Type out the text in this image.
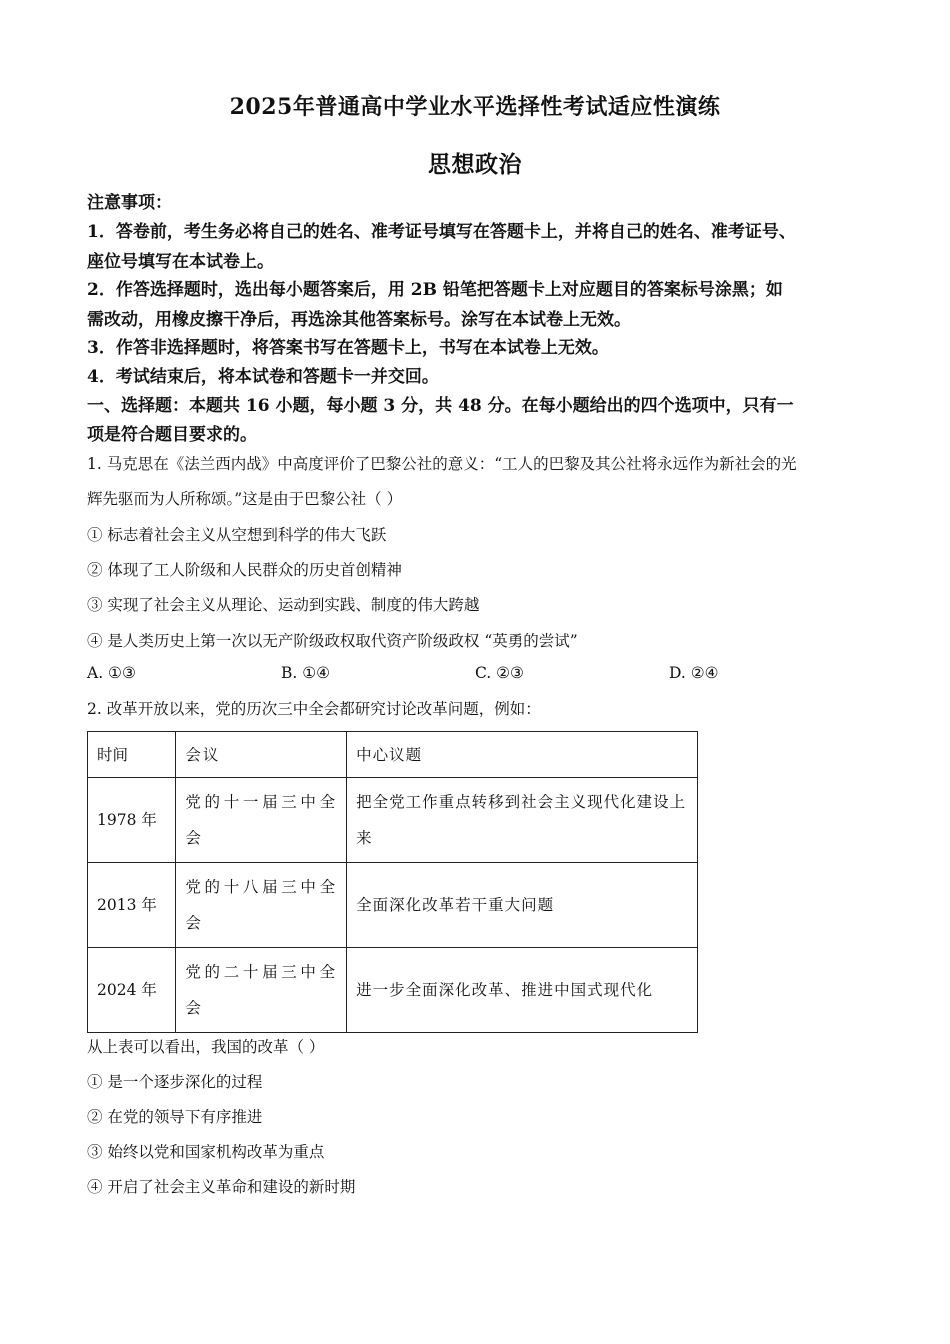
2025年普通高中学业水平选择性考试适应性演练
思想政治
注意事项：
1．答卷前，考生务必将自己的姓名、准考证号填写在答题卡上，并将自己的姓名、准考证号、
座位号填写在本试卷上。
2．作答选择题时，选出每小题答案后，用 2B 铅笔把答题卡上对应题目的答案标号涂黑；如
需改动，用橡皮擦干净后，再选涂其他答案标号。涂写在本试卷上无效。
3．作答非选择题时，将答案书写在答题卡上，书写在本试卷上无效。
4．考试结束后，将本试卷和答题卡一并交回。
一、选择题：本题共 16 小题，每小题 3 分，共 48 分。在每小题给出的四个选项中，只有一
项是符合题目要求的。
1. 马克思在《法兰西内战》中高度评价了巴黎公社的意义：“工人的巴黎及其公社将永远作为新社会的光
辉先驱而为人所称颂。”这是由于巴黎公社（ ）
① 标志着社会主义从空想到科学的伟大飞跃
② 体现了工人阶级和人民群众的历史首创精神
③ 实现了社会主义从理论、运动到实践、制度的伟大跨越
④ 是人类历史上第一次以无产阶级政权取代资产阶级政权 “英勇的尝试”
A. ①③	B. ①④	C. ②③	D. ②④
2. 改革开放以来，党的历次三中全会都研究讨论改革问题，例如：
时间	会议	中心议题
1978 年	党的十一届三中全会	把全党工作重点转移到社会主义现代化建设上来
2013 年	党的十八届三中全会	全面深化改革若干重大问题
2024 年	党的二十届三中全会	进一步全面深化改革、推进中国式现代化
从上表可以看出，我国的改革（ ）
① 是一个逐步深化的过程
② 在党的领导下有序推进
③ 始终以党和国家机构改革为重点
④ 开启了社会主义革命和建设的新时期
